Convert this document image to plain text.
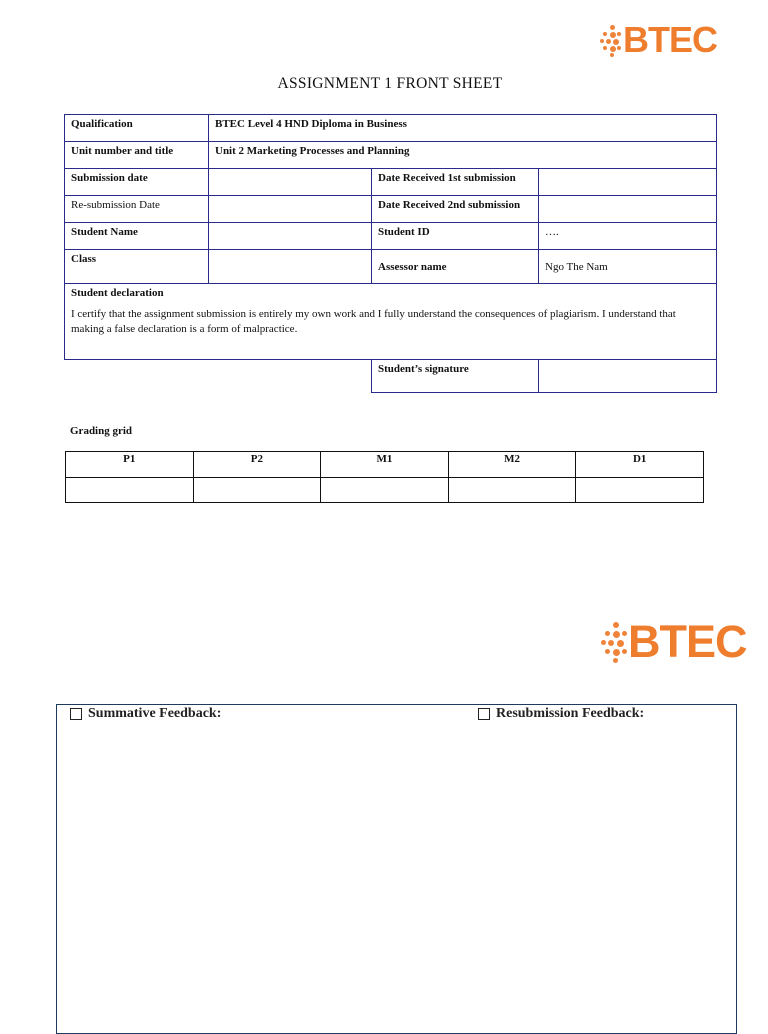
BTEC
ASSIGNMENT 1 FRONT SHEET
Qualification	BTEC Level 4 HND Diploma in Business		
Unit number and title	Unit 2 Marketing Processes and Planning		
Submission date		Date Received 1st submission	
Re-submission Date		Date Received 2nd submission	
Student Name		Student ID	….
Class		Assessor name	Ngo The Nam

Student declaration
I certify that the assignment submission is entirely my own work and I fully understand the consequences of plagiarism. I understand that making a false declaration is a form of malpractice.			

		Student’s signature	
Grading grid
P1	P2	M1	M2	D1

BTEC
Summative Feedback:	Resubmission Feedback:
